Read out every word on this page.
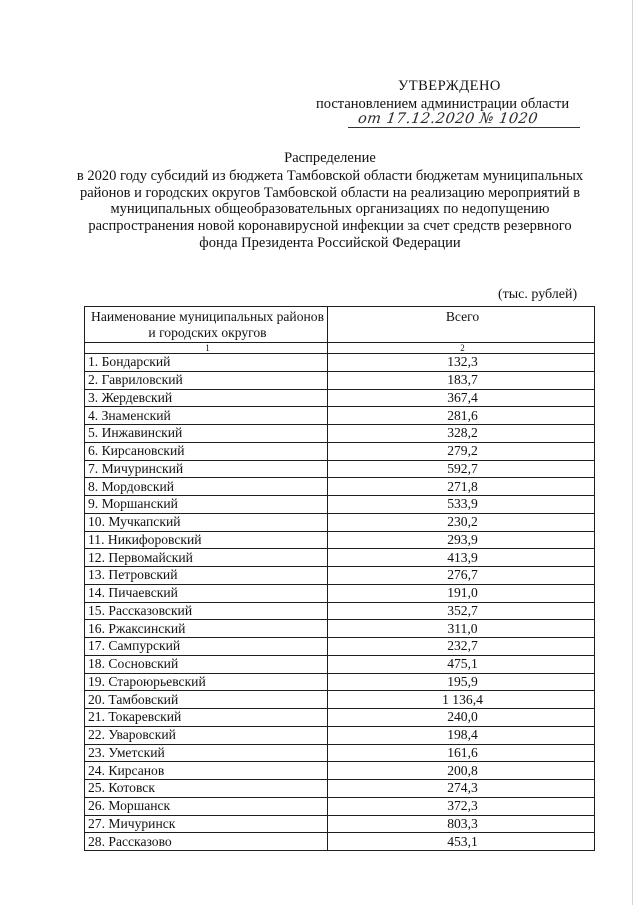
УТВЕРЖДЕНО
постановлением администрации области
от 17.12.2020 № 1020
Распределение
в 2020 году субсидий из бюджета Тамбовской области бюджетам муниципальных районов и городских округов Тамбовской области на реализацию мероприятий в муниципальных общеобразовательных организациях по недопущению распространения новой коронавирусной инфекции за счет средств резервного фонда Президента Российской Федерации
(тыс. рублей)
Наименование муниципальных районов и городских округов	Всего
1	2
1. Бондарский	132,3
2. Гавриловский	183,7
3. Жердевский	367,4
4. Знаменский	281,6
5. Инжавинский	328,2
6. Кирсановский	279,2
7. Мичуринский	592,7
8. Мордовский	271,8
9. Моршанский	533,9
10. Мучкапский	230,2
11. Никифоровский	293,9
12. Первомайский	413,9
13. Петровский	276,7
14. Пичаевский	191,0
15. Рассказовский	352,7
16. Ржаксинский	311,0
17. Сампурский	232,7
18. Сосновский	475,1
19. Староюрьевский	195,9
20. Тамбовский	1 136,4
21. Токаревский	240,0
22. Уваровский	198,4
23. Уметский	161,6
24. Кирсанов	200,8
25. Котовск	274,3
26. Моршанск	372,3
27. Мичуринск	803,3
28. Рассказово	453,1
